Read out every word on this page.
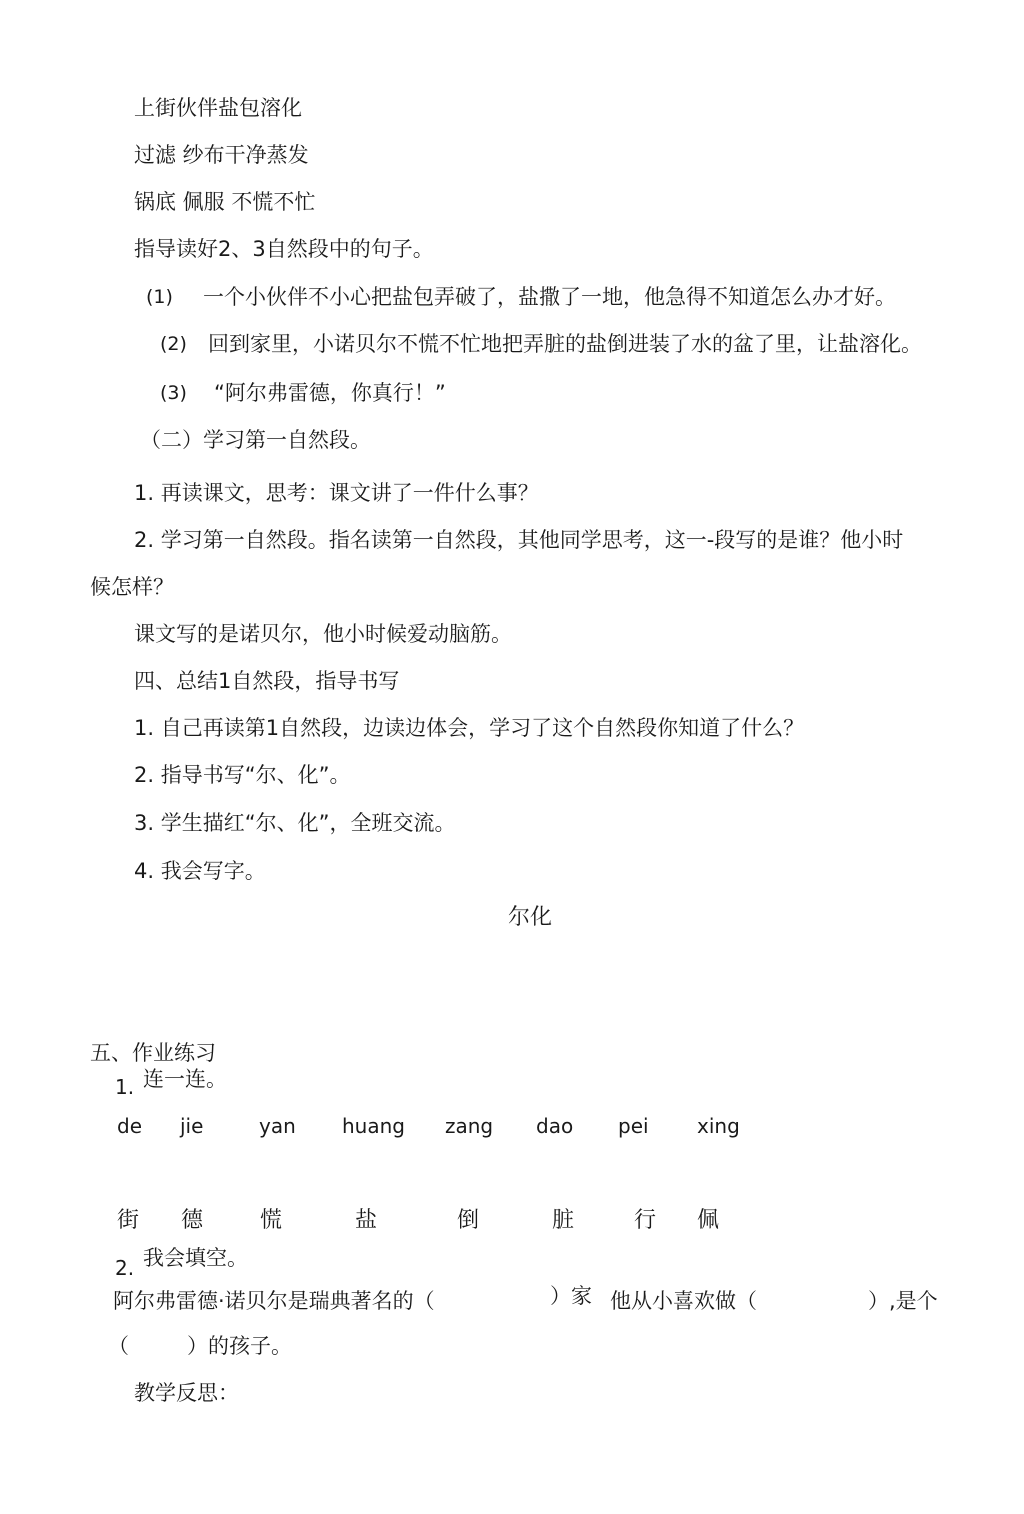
上街伙伴盐包溶化
过滤 纱布干净蒸发
锅底 佩服 不慌不忙
指导读好2、3自然段中的句子。
(1) 一个小伙伴不小心把盐包弄破了，盐撒了一地，他急得不知道怎么办才好。
(2) 回到家里，小诺贝尔不慌不忙地把弄脏的盐倒进装了水的盆了里，让盐溶化。
(3) “阿尔弗雷德，你真行！”
（二）学习第一自然段。
1. 再读课文，思考：课文讲了一件什么事？
2. 学习第一自然段。指名读第一自然段，其他同学思考，这一-段写的是谁？他小时
候怎样？
课文写的是诺贝尔，他小时候爱动脑筋。
四、总结1自然段，指导书写
1. 自己再读第1自然段，边读边体会，学习了这个自然段你知道了什么？
2. 指导书写“尔、化”。
3. 学生描红“尔、化”，全班交流。
4. 我会写字。
尔化
五、作业练习
1. 连一连。
de jie	yan huang zang dao pei xing
街 德	慌	盐	倒	脏	行 佩
2. 我会填空。
阿尔弗雷德·诺贝尔是瑞典著名的（	）家 他从小喜欢做（	）,是个
（	）的孩子。
教学反思：
